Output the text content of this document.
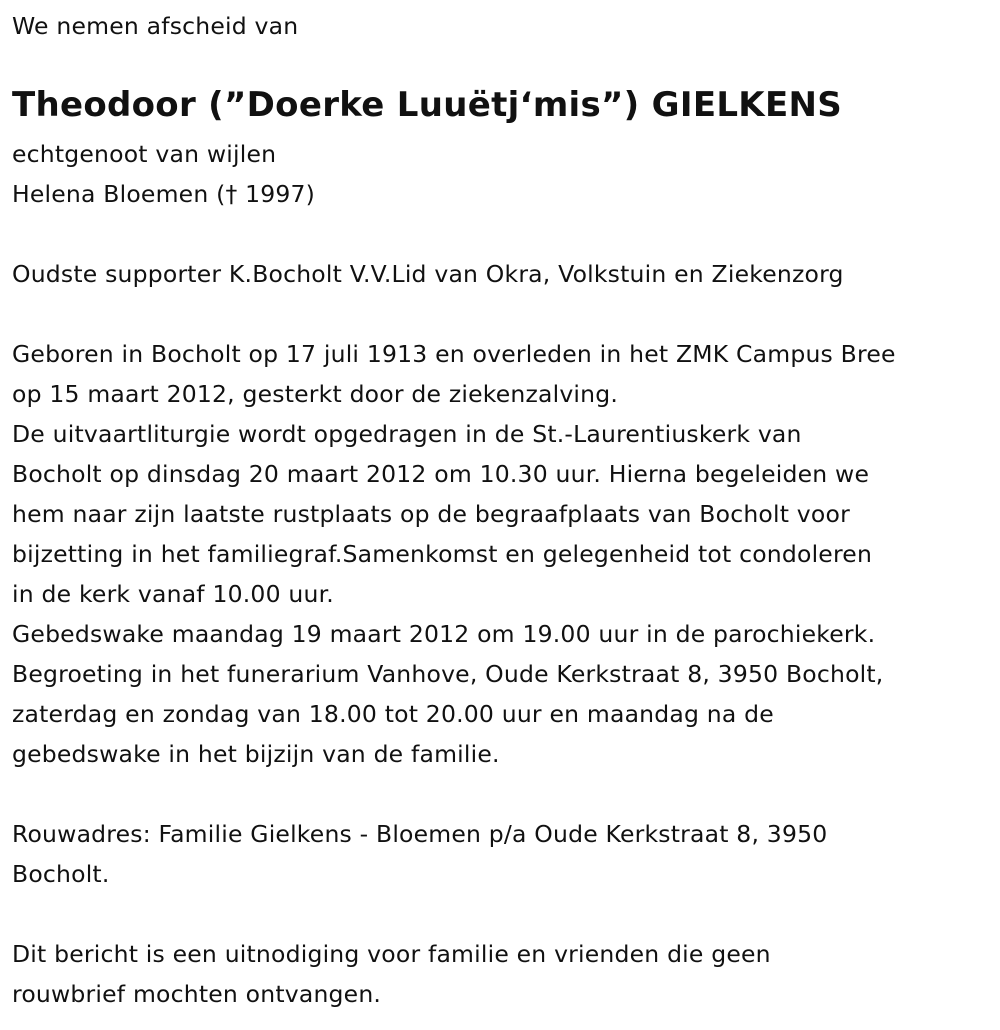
We nemen afscheid van
Theodoor (”Doerke Luuëtj‘mis”) GIELKENS
echtgenoot van wijlen
Helena Bloemen († 1997)
Oudste supporter K.Bocholt V.V.Lid van Okra, Volkstuin en Ziekenzorg
Geboren in Bocholt op 17 juli 1913 en overleden in het ZMK Campus Bree
op 15 maart 2012, gesterkt door de ziekenzalving.
De uitvaartliturgie wordt opgedragen in de St.-Laurentiuskerk van
Bocholt op dinsdag 20 maart 2012 om 10.30 uur. Hierna begeleiden we
hem naar zijn laatste rustplaats op de begraafplaats van Bocholt voor
bijzetting in het familiegraf.Samenkomst en gelegenheid tot condoleren
in de kerk vanaf 10.00 uur.
Gebedswake maandag 19 maart 2012 om 19.00 uur in de parochiekerk.
Begroeting in het funerarium Vanhove, Oude Kerkstraat 8, 3950 Bocholt,
zaterdag en zondag van 18.00 tot 20.00 uur en maandag na de
gebedswake in het bijzijn van de familie.
Rouwadres: Familie Gielkens - Bloemen p/a Oude Kerkstraat 8, 3950
Bocholt.
Dit bericht is een uitnodiging voor familie en vrienden die geen
rouwbrief mochten ontvangen.
